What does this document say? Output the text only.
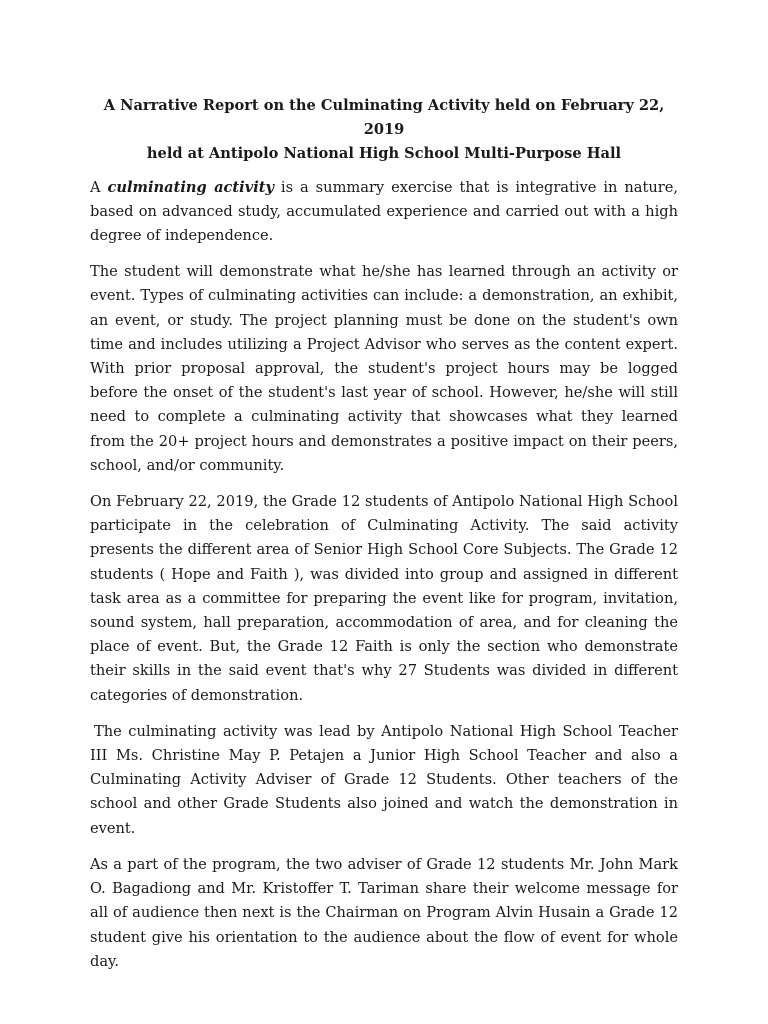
A Narrative Report on the Culminating Activity held on February 22, 2019
held at Antipolo National High School Multi-Purpose Hall

A culminating activity is a summary exercise that is integrative in nature, based on advanced study, accumulated experience and carried out with a high degree of independence.

The student will demonstrate what he/she has learned through an activity or event. Types of culminating activities can include: a demonstration, an exhibit, an event, or study. The project planning must be done on the student's own time and includes utilizing a Project Advisor who serves as the content expert. With prior proposal approval, the student's project hours may be logged before the onset of the student's last year of school. However, he/she will still need to complete a culminating activity that showcases what they learned from the 20+ project hours and demonstrates a positive impact on their peers, school, and/or community.

On February 22, 2019, the Grade 12 students of Antipolo National High School participate in the celebration of Culminating Activity. The said activity presents the different area of Senior High School Core Subjects. The Grade 12 students ( Hope and Faith ), was divided into group and assigned in different task area as a committee for preparing the event like for program, invitation, sound system, hall preparation, accommodation of area, and for cleaning the place of event. But, the Grade 12 Faith is only the section who demonstrate their skills in the said event that's why 27 Students was divided in different categories of demonstration.

The culminating activity was lead by Antipolo National High School Teacher III Ms. Christine May P. Petajen a Junior High School Teacher and also a Culminating Activity Adviser of Grade 12 Students. Other teachers of the school and other Grade Students also joined and watch the demonstration in event.

As a part of the program, the two adviser of Grade 12 students Mr. John Mark O. Bagadiong and Mr. Kristoffer T. Tariman share their welcome message for all of audience then next is the Chairman on Program Alvin Husain a Grade 12 student give his orientation to the audience about the flow of event for whole day.
